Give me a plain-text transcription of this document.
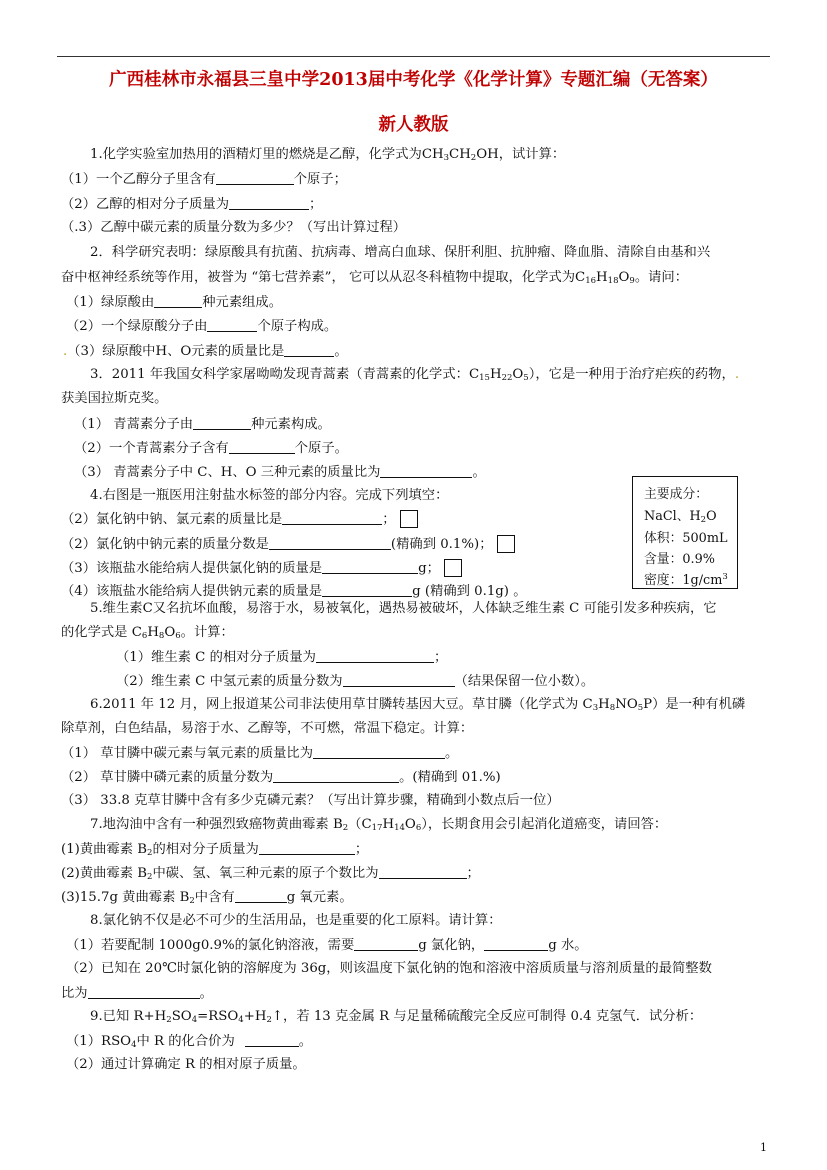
广西桂林市永福县三皇中学2013届中考化学《化学计算》专题汇编（无答案）
新人教版
1.化学实验室加热用的酒精灯里的燃烧是乙醇，化学式为$CH_3CH_2OH$，试计算：
（1）一个乙醇分子里含有	个原子；
（2）乙醇的相对分子质量为	；
（.3）乙醇中碳元素的质量分数为多少？（写出计算过程）
2．科学研究表明：绿原酸具有抗菌、抗病毒、增高白血球、保肝利胆、抗肿瘤、降血脂、清除自由基和兴
奋中枢神经系统等作用，被誉为 “第七营养素”， 它可以从忍冬科植物中提取，化学式为$C_{16}H_{18}O_9$。请问：
（1）绿原酸由	种元素组成。
（2）一个绿原酸分子由	个原子构成。
.（3）绿原酸中H、O元素的质量比是	。
3．2011 年我国女科学家屠呦呦发现青蒿素（青蒿素的化学式：$C_{15}H_{22}O_5$），它是一种用于治疗疟疾的药物，.
获美国拉斯克奖。
（1） 青蒿素分子由	种元素构成。
（2）一个青蒿素分子含有	个原子。
（3） 青蒿素分子中 C、H、O 三种元素的质量比为	。
4.右图是一瓶医用注射盐水标签的部分内容。完成下列填空：
（2）氯化钠中钠、氯元素的质量比是	；
（2）氯化钠中钠元素的质量分数是	(精确到 0.1%)；
（3）该瓶盐水能给病人提供氯化钠的质量是	g；
（4）该瓶盐水能给病人提供钠元素的质量是	g (精确到 0.1g) 。
主要成分：
NaCl、$H_2O$
体积：500mL
含量：0.9%
密度：$1g/cm^3$
5.维生素C又名抗坏血酸，易溶于水，易被氧化，遇热易被破坏，人体缺乏维生素 C 可能引发多种疾病，它
的化学式是 $C_6H_8O_6$。计算：
（1）维生素 C 的相对分子质量为	；
（2）维生素 C 中氢元素的质量分数为	（结果保留一位小数）。
6.2011 年 12 月，网上报道某公司非法使用草甘膦转基因大豆。草甘膦（化学式为 $C_3H_8NO_5P$）是一种有机磷
除草剂，白色结晶，易溶于水、乙醇等，不可燃，常温下稳定。计算：
（1） 草甘膦中碳元素与氧元素的质量比为	。
（2） 草甘膦中磷元素的质量分数为	。(精确到 01.%)
（3） 33.8 克草甘膦中含有多少克磷元素？（写出计算步骤，精确到小数点后一位）
7.地沟油中含有一种强烈致癌物黄曲霉素 $B_2(C_{17}H_{14}O_6)$，长期食用会引起消化道癌变，请回答：
(1)黄曲霉素 $B_2$的相对分子质量为	；
(2)黄曲霉素 $B_2$中碳、氢、氧三种元素的原子个数比为	；
(3)15.7g 黄曲霉素 $B_2$中含有	g 氧元素。
8.氯化钠不仅是必不可少的生活用品，也是重要的化工原料。请计算：
（1）若要配制 1000g0.9%的氯化钠溶液，需要	g 氯化钠，	g 水。
（2）已知在 20℃时氯化钠的溶解度为 36g，则该温度下氯化钠的饱和溶液中溶质质量与溶剂质量的最简整数
比为	。
9.已知 $R+H_2SO_4=RSO_4+H_2↑$，若 13 克金属 R 与足量稀硫酸完全反应可制得 0.4 克氢气．试分析：
$(1)RSO_4$中 R 的化合价为	。
（2）通过计算确定 R 的相对原子质量。
1
